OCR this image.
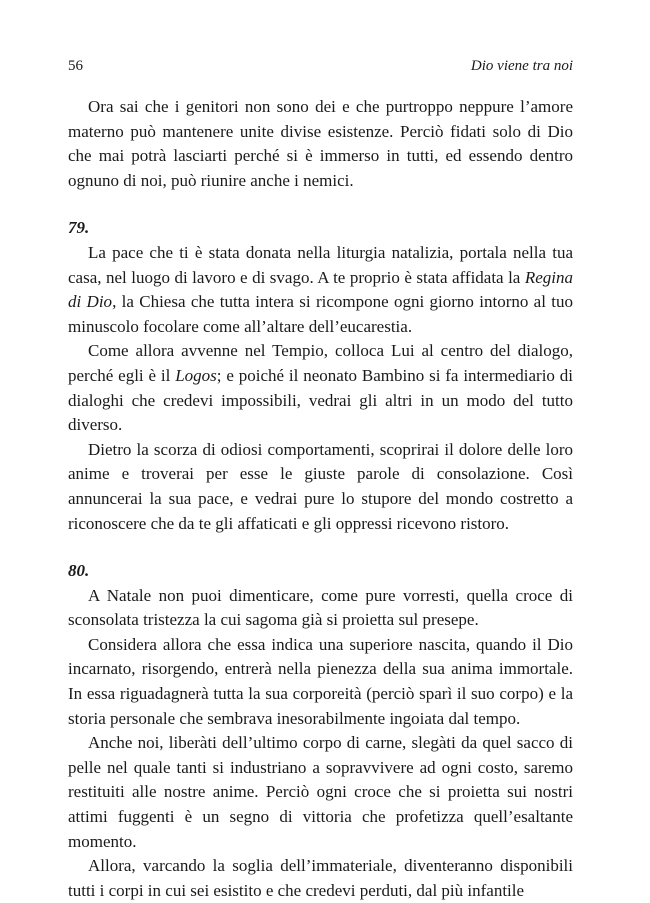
56	Dio viene tra noi

Ora sai che i genitori non sono dei e che purtroppo neppure l’amore materno può mantenere unite divise esistenze. Perciò fidati solo di Dio che mai potrà lasciarti perché si è immerso in tutti, ed essendo dentro ognuno di noi, può riunire anche i nemici.

79.

La pace che ti è stata donata nella liturgia natalizia, portala nella tua casa, nel luogo di lavoro e di svago. A te proprio è stata affidata la Regina di Dio, la Chiesa che tutta intera si ricompone ogni giorno intorno al tuo minuscolo focolare come all’altare dell’eucarestia.

Come allora avvenne nel Tempio, colloca Lui al centro del dialogo, perché egli è il Logos; e poiché il neonato Bambino si fa intermediario di dialoghi che credevi impossibili, vedrai gli altri in un modo del tutto diverso.

Dietro la scorza di odiosi comportamenti, scoprirai il dolore delle loro anime e troverai per esse le giuste parole di consolazione. Così annuncerai la sua pace, e vedrai pure lo stupore del mondo costretto a riconoscere che da te gli affaticati e gli oppressi ricevono ristoro.

80.

A Natale non puoi dimenticare, come pure vorresti, quella croce di sconsolata tristezza la cui sagoma già si proietta sul presepe.

Considera allora che essa indica una superiore nascita, quando il Dio incarnato, risorgendo, entrerà nella pienezza della sua anima immortale. In essa riguadagnerà tutta la sua corporeità (perciò sparì il suo corpo) e la storia personale che sembrava inesorabilmente ingoiata dal tempo.

Anche noi, liberàti dell’ultimo corpo di carne, slegàti da quel sacco di pelle nel quale tanti si industriano a sopravvivere ad ogni costo, saremo restituiti alle nostre anime. Perciò ogni croce che si proietta sui nostri attimi fuggenti è un segno di vittoria che profetizza quell’esaltante momento.

Allora, varcando la soglia dell’immateriale, diventeranno disponibili tutti i corpi in cui sei esistito e che credevi perduti, dal più infantile
